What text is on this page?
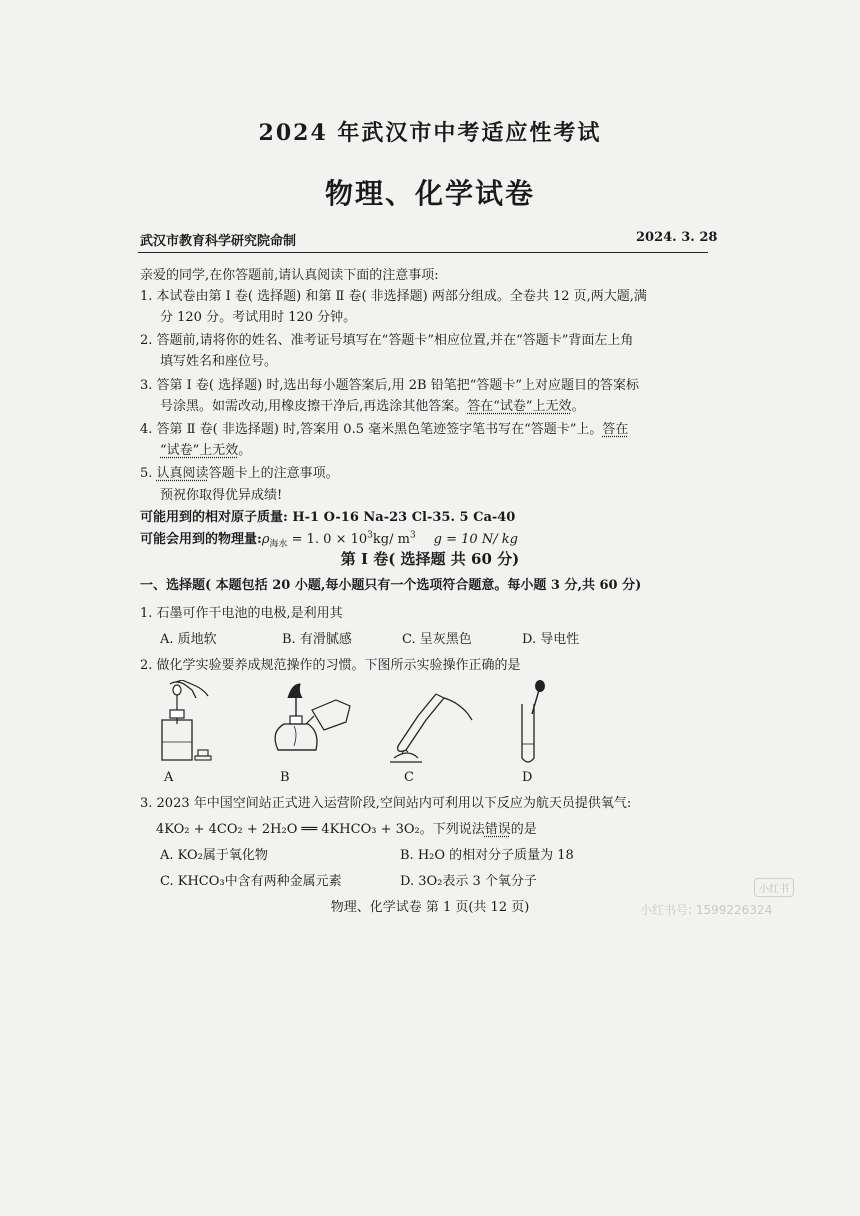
2024 年武汉市中考适应性考试
物理、化学试卷
武汉市教育科学研究院命制	2024. 3. 28
亲爱的同学,在你答题前,请认真阅读下面的注意事项:
1. 本试卷由第 Ⅰ 卷( 选择题) 和第 Ⅱ 卷( 非选择题) 两部分组成。全卷共 12 页,两大题,满
分 120 分。考试用时 120 分钟。
2. 答题前,请将你的姓名、准考证号填写在“答题卡”相应位置,并在“答题卡”背面左上角
填写姓名和座位号。
3. 答第 Ⅰ 卷( 选择题) 时,选出每小题答案后,用 2B 铅笔把“答题卡”上对应题目的答案标
号涂黑。如需改动,用橡皮擦干净后,再选涂其他答案。答在“试卷”上无效。
4. 答第 Ⅱ 卷( 非选择题) 时,答案用 0.5 毫米黑色笔迹签字笔书写在“答题卡”上。答在
“试卷”上无效。
5. 认真阅读答题卡上的注意事项。
预祝你取得优异成绩!
可能用到的相对原子质量: H-1 O-16 Na-23 Cl-35. 5 Ca-40
可能会用到的物理量$:\rho_{海水} = 1$. $0 \times 10^3kg/$ $m^3$ g = 10 N/ kg
第 Ⅰ 卷( 选择题 共 60 分)
一、选择题( 本题包括 20 小题,每小题只有一个选项符合题意。每小题 3 分,共 60 分)
1. 石墨可作干电池的电极,是利用其
A. 质地软	B. 有滑腻感	C. 呈灰黑色	D. 导电性
2. 做化学实验要养成规范操作的习惯。下图所示实验操作正确的是
A	B	C	D
3. 2023 年中国空间站正式进入运营阶段,空间站内可利用以下反应为航天员提供氧气:
4KO₂ + 4CO₂ + 2H₂O ══ 4KHCO₃ + 3O₂。下列说法错误的是
A. KO₂属于氧化物	B. H₂O 的相对分子质量为 18
C. KHCO₃中含有两种金属元素	D. 3O₂表示 3 个氧分子
物理、化学试卷 第 1 页(共 12 页)
小红书
小红书号: 1599226324
